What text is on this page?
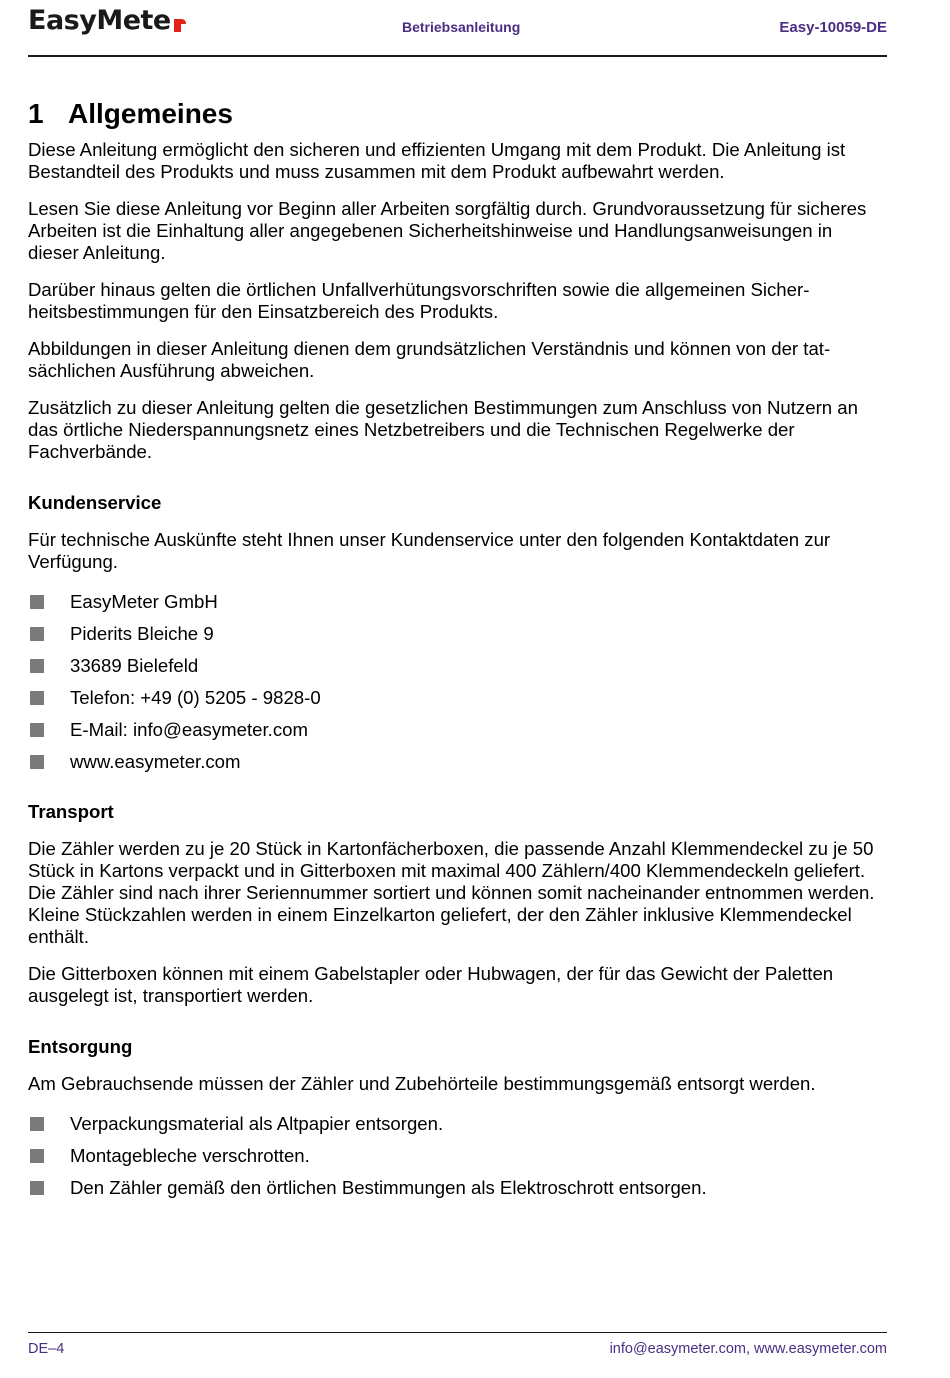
EasyMete	Betriebsanleitung	Easy-10059-DE
1 Allgemeines

Diese Anleitung ermöglicht den sicheren und effizienten Umgang mit dem Produkt. Die Anleitung ist Bestandteil des Produkts und muss zusammen mit dem Produkt aufbewahrt werden.

Lesen Sie diese Anleitung vor Beginn aller Arbeiten sorgfältig durch. Grundvoraussetzung für sicheres Arbeiten ist die Einhaltung aller angegebenen Sicherheitshinweise und Handlungsanweisungen in dieser Anleitung.

Darüber hinaus gelten die örtlichen Unfallverhütungsvorschriften sowie die allgemeinen Sicherheitsbestimmungen für den Einsatzbereich des Produkts.

Abbildungen in dieser Anleitung dienen dem grundsätzlichen Verständnis und können von der tatsächlichen Ausführung abweichen.

Zusätzlich zu dieser Anleitung gelten die gesetzlichen Bestimmungen zum Anschluss von Nutzern an das örtliche Niederspannungsnetz eines Netzbetreibers und die Technischen Regelwerke der Fachverbände.

Kundenservice

Für technische Auskünfte steht Ihnen unser Kundenservice unter den folgenden Kontaktdaten zur Verfügung.

EasyMeter GmbH
Piderits Bleiche 9
33689 Bielefeld
Telefon: +49 (0) 5205 - 9828-0
E-Mail: info@easymeter.com
www.easymeter.com
Transport

Die Zähler werden zu je 20 Stück in Kartonfächerboxen, die passende Anzahl Klemmendeckel zu je 50 Stück in Kartons verpackt und in Gitterboxen mit maximal 400 Zählern/400 Klemmendeckeln geliefert. Die Zähler sind nach ihrer Seriennummer sortiert und können somit nacheinander entnommen werden. Kleine Stückzahlen werden in einem Einzelkarton geliefert, der den Zähler inklusive Klemmendeckel enthält.

Die Gitterboxen können mit einem Gabelstapler oder Hubwagen, der für das Gewicht der Paletten ausgelegt ist, transportiert werden.

Entsorgung

Am Gebrauchsende müssen der Zähler und Zubehörteile bestimmungsgemäß entsorgt werden.

Verpackungsmaterial als Altpapier entsorgen.
Montagebleche verschrotten.
Den Zähler gemäß den örtlichen Bestimmungen als Elektroschrott entsorgen.
DE–4	info@easymeter.com, www.easymeter.com
